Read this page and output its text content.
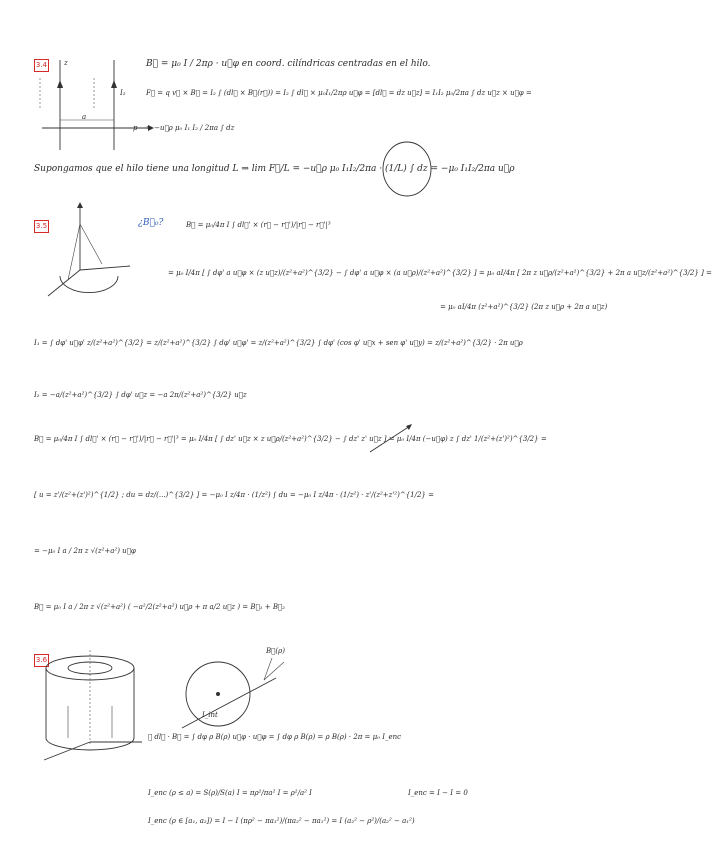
3.4
I₁
I₂
a
z
p
B⃗ = μ₀ I / 2πρ · u⃗φ en coord. cilíndricas centradas en el hilo.
F⃗ = q v⃗ × B⃗ = I₂ ∫ (dl⃗ × B⃗(r⃗)) = I₂ ∫ dl⃗ × μ₀I₁/2πρ u⃗φ = [dl⃗ = dz u⃗z] = I₁I₂ μ₀/2πa ∫ dz u⃗z × u⃗φ =
= −u⃗ρ μ₀ I₁ I₂ / 2πa ∫ dz
Supongamos que el hilo tiene una longitud L ⇒ lim F⃗/L = −u⃗ρ μ₀ I₁I₂/2πa · (1/L) ∫ dz = −μ₀ I₁I₂/2πa u⃗ρ
3.5	¿B⃗₀?	B⃗ = μ₀/4π I ∫ dl⃗' × (r⃗ − r⃗')/|r⃗ − r⃗'|³
= μ₀ I/4π [ ∫ dφ' a u⃗φ × (z u⃗z)/(z²+a²)^{3/2} − ∫ dφ' a u⃗φ × (a u⃗ρ)/(z²+a²)^{3/2} ] = μ₀ aI/4π [ 2π z u⃗ρ/(z²+a²)^{3/2} + 2π a u⃗z/(z²+a²)^{3/2} ] =
= μ₀ aI/4π (z²+a²)^{3/2} (2π z u⃗ρ + 2π a u⃗z)
I₁ = ∫ dφ' u⃗φ' z/(z²+a²)^{3/2} = z/(z²+a²)^{3/2} ∫ dφ' u⃗φ' = z/(z²+a²)^{3/2} ∫ dφ' (cos φ' u⃗x + sen φ' u⃗y) = z/(z²+a²)^{3/2} · 2π u⃗ρ
I₂ = −a/(z²+a²)^{3/2} ∫ dφ' u⃗z = −a 2π/(z²+a²)^{3/2} u⃗z
B⃗ = μ₀/4π I ∫ dl⃗' × (r⃗ − r⃗')/|r⃗ − r⃗'|³ = μ₀ I/4π [ ∫ dz' u⃗z × z u⃗ρ/(z²+a²)^{3/2} − ∫ dz' z' u⃗z ] = μ₀ I/4π (−u⃗φ) z ∫ dz' 1/(z²+(z')²)^{3/2} =
[ u = z'/(z²+(z')²)^{1/2} ; du = dz/(...)^{3/2} ] = −μ₀ I z/4π · (1/z²) ∫ du = −μ₀ I z/4π · (1/z²) · z'/(z²+z'²)^{1/2} =
= −μ₀ I a / 2π z √(z²+a²) u⃗φ
B⃗ = μ₀ I a / 2π z √(z²+a²) ( −a²/2(z²+a²) u⃗ρ + π a/2 u⃗z ) = B⃗₁ + B⃗₂
3.6
B⃗(ρ)
I_int
∮ dl⃗ · B⃗ = ∫ dφ ρ B(ρ) u⃗φ · u⃗φ = ∫ dφ ρ B(ρ) = ρ B(ρ) · 2π = μ₀ I_enc
I_enc (ρ ≤ a) = S(ρ)/S(a) I = πρ²/πa² I = ρ²/a² I	I_enc = I − I = 0
I_enc (ρ ∈ [a₁, a₂]) = I − I (πρ² − πa₁²)/(πa₂² − πa₁²) = I (a₂² − ρ²)/(a₂² − a₁²)
